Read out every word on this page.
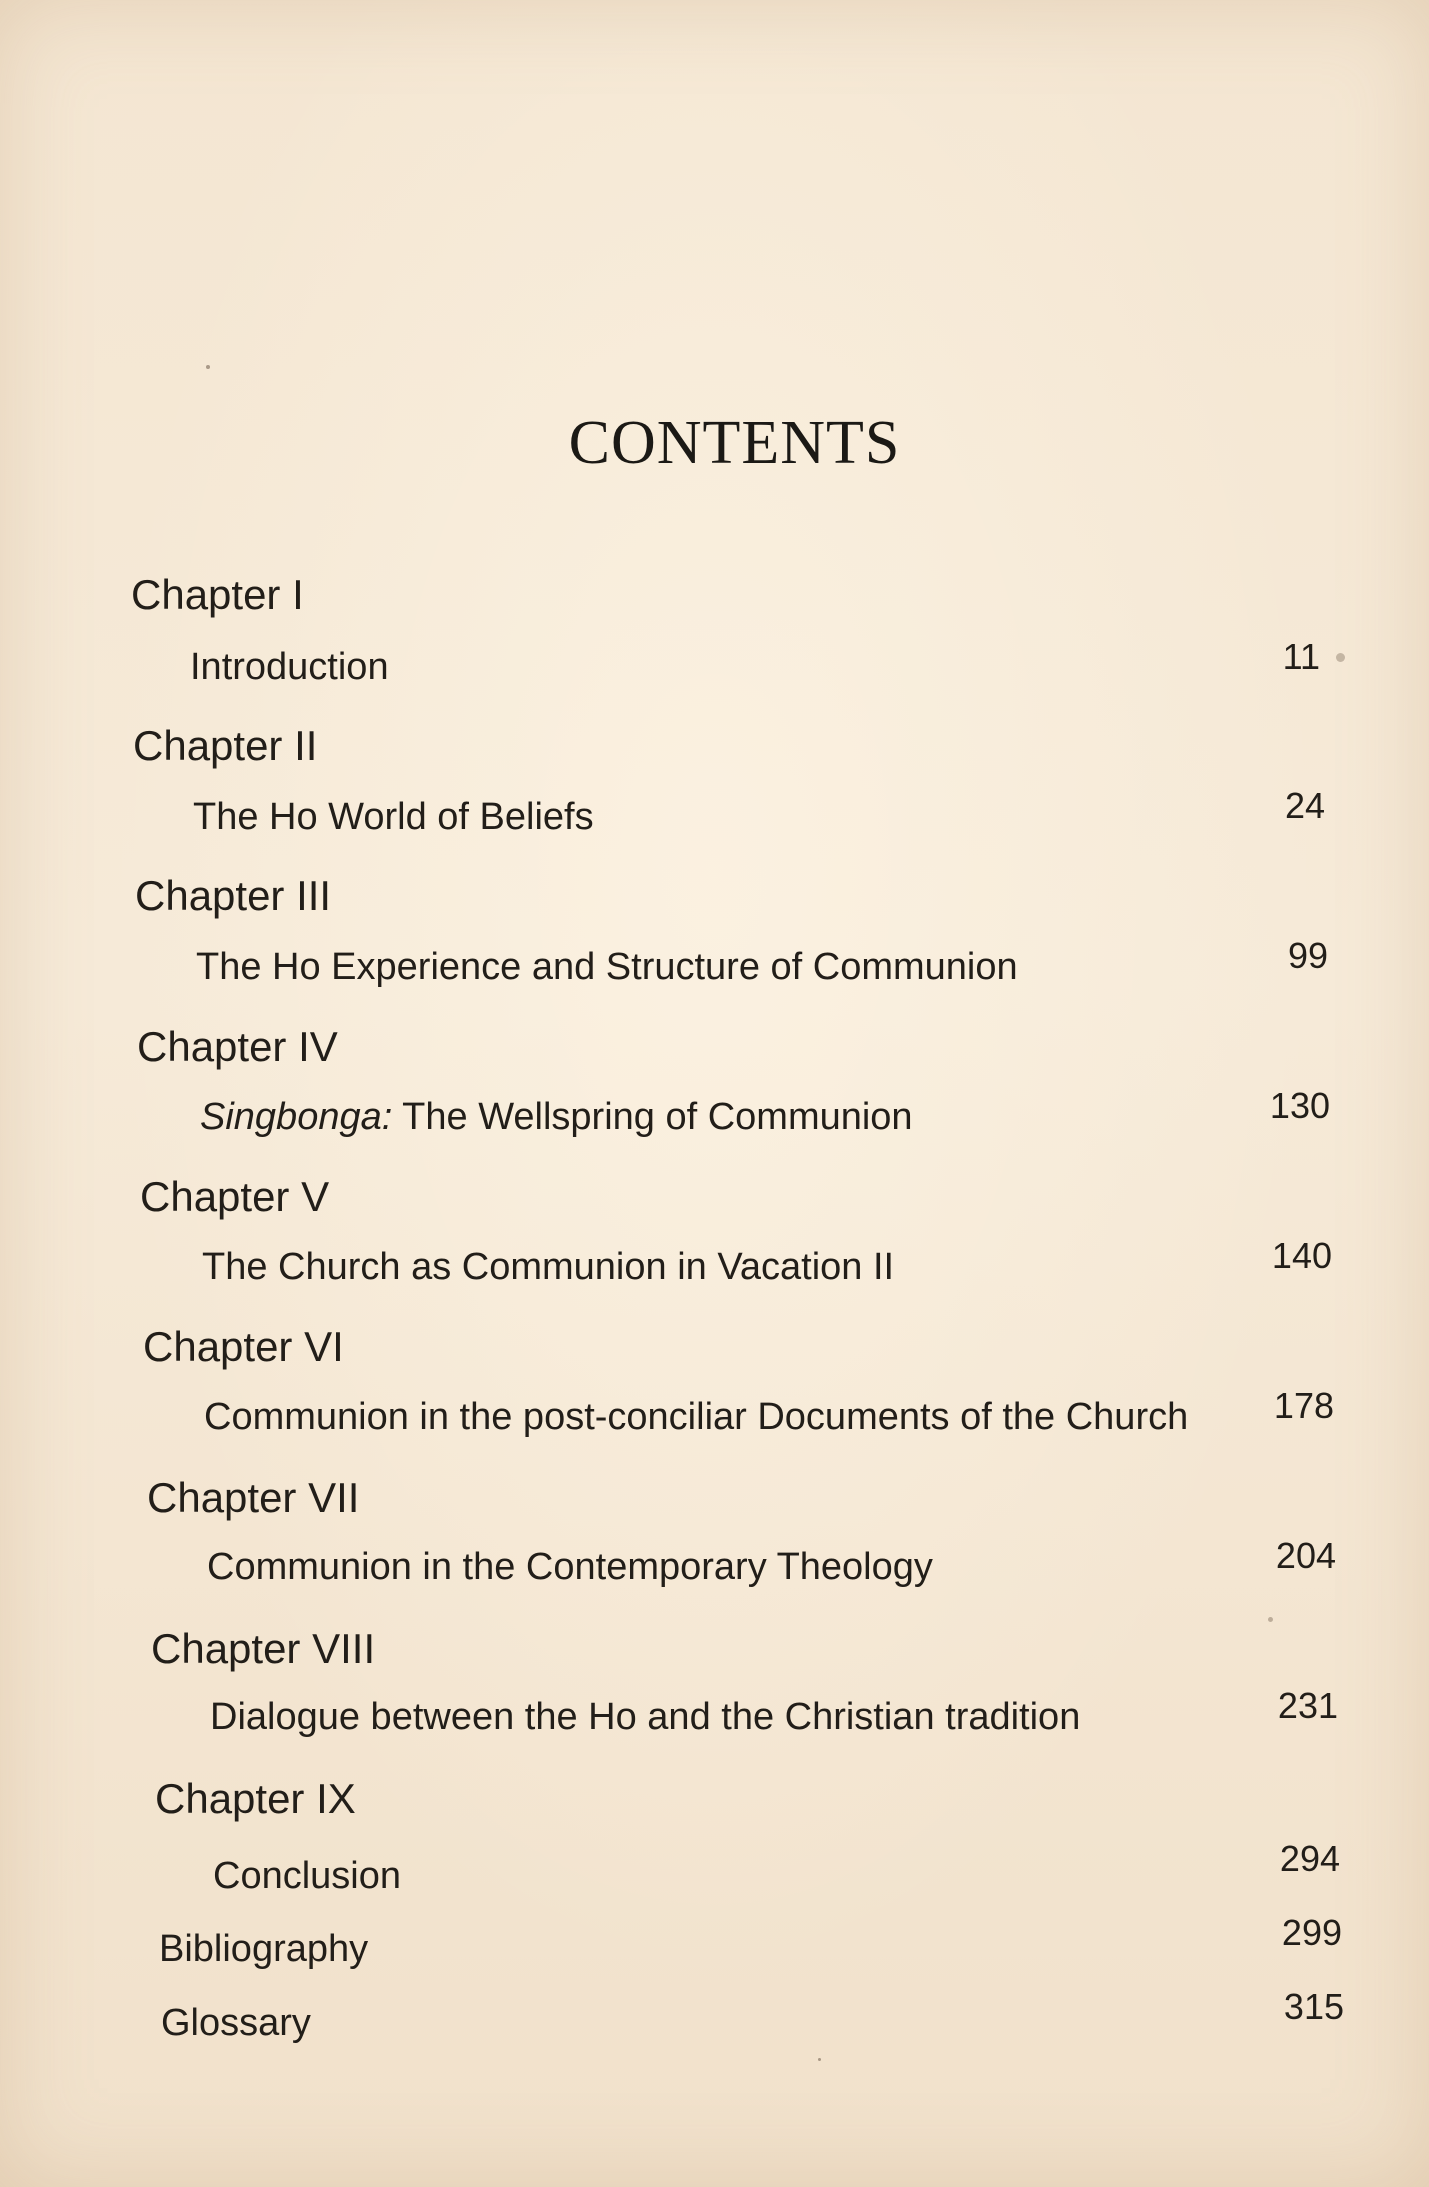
CONTENTS
Chapter I
Introduction	11
Chapter II
The Ho World of Beliefs	24
Chapter III
The Ho Experience and Structure of Communion	99
Chapter IV
Singbonga: The Wellspring of Communion	130
Chapter V
The Church as Communion in Vacation II	140
Chapter VI
Communion in the post-conciliar Documents of the Church	178
Chapter VII
Communion in the Contemporary Theology	204
Chapter VIII
Dialogue between the Ho and the Christian tradition	231
Chapter IX
Conclusion	294
Bibliography	299
Glossary	315
